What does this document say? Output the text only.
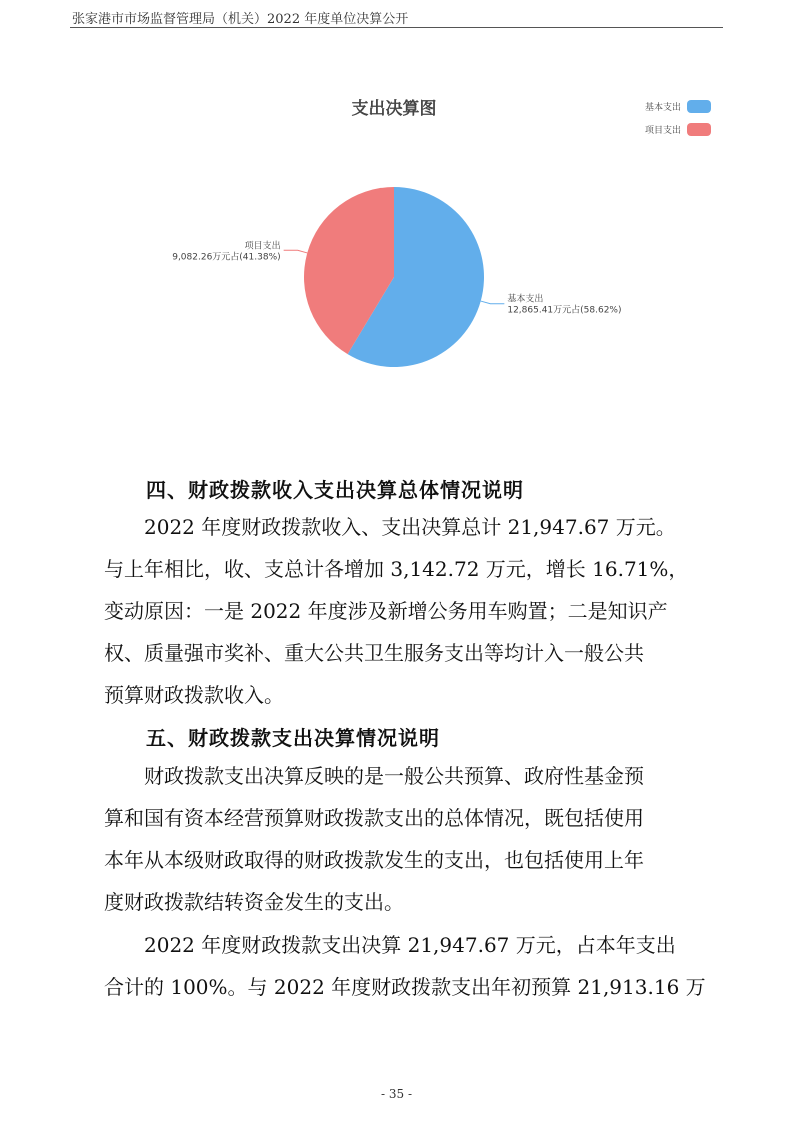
张家港市市场监督管理局（机关）2022 年度单位决算公开
支出决算图	基本支出
项目支出
基本支出
12,865.41万元占(58.62%)
项目支出
9,082.26万元占(41.38%)
四、财政拨款收入支出决算总体情况说明
2022 年度财政拨款收入、支出决算总计 21,947.67 万元。
与上年相比，收、支总计各增加 3,142.72 万元，增长 16.71%，
变动原因：一是 2022 年度涉及新增公务用车购置；二是知识产
权、质量强市奖补、重大公共卫生服务支出等均计入一般公共
预算财政拨款收入。
五、财政拨款支出决算情况说明
财政拨款支出决算反映的是一般公共预算、政府性基金预
算和国有资本经营预算财政拨款支出的总体情况，既包括使用
本年从本级财政取得的财政拨款发生的支出，也包括使用上年
度财政拨款结转资金发生的支出。
2022 年度财政拨款支出决算 21,947.67 万元，占本年支出
合计的 100%。与 2022 年度财政拨款支出年初预算 21,913.16 万
- 35 -
